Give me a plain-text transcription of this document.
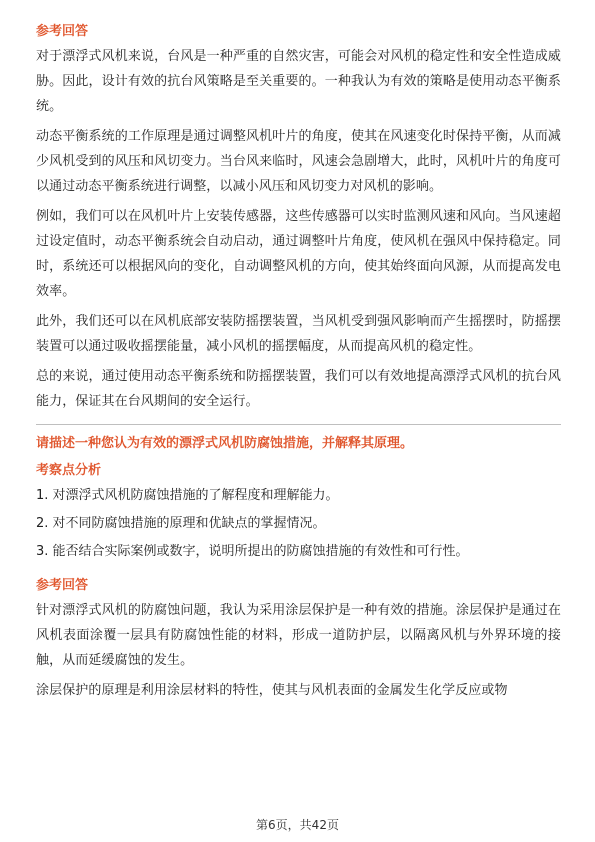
参考回答

对于漂浮式风机来说，台风是一种严重的自然灾害，可能会对风机的稳定性和安全性造成威胁。因此，设计有效的抗台风策略是至关重要的。一种我认为有效的策略是使用动态平衡系统。

动态平衡系统的工作原理是通过调整风机叶片的角度，使其在风速变化时保持平衡，从而减少风机受到的风压和风切变力。当台风来临时，风速会急剧增大，此时，风机叶片的角度可以通过动态平衡系统进行调整，以减小风压和风切变力对风机的影响。

例如，我们可以在风机叶片上安装传感器，这些传感器可以实时监测风速和风向。当风速超过设定值时，动态平衡系统会自动启动，通过调整叶片角度，使风机在强风中保持稳定。同时，系统还可以根据风向的变化，自动调整风机的方向，使其始终面向风源，从而提高发电效率。

此外，我们还可以在风机底部安装防摇摆装置，当风机受到强风影响而产生摇摆时，防摇摆装置可以通过吸收摇摆能量，减小风机的摇摆幅度，从而提高风机的稳定性。

总的来说，通过使用动态平衡系统和防摇摆装置，我们可以有效地提高漂浮式风机的抗台风能力，保证其在台风期间的安全运行。

请描述一种您认为有效的漂浮式风机防腐蚀措施，并解释其原理。

考察点分析

1. 对漂浮式风机防腐蚀措施的了解程度和理解能力。

2. 对不同防腐蚀措施的原理和优缺点的掌握情况。

3. 能否结合实际案例或数字，说明所提出的防腐蚀措施的有效性和可行性。

参考回答

针对漂浮式风机的防腐蚀问题，我认为采用涂层保护是一种有效的措施。涂层保护是通过在风机表面涂覆一层具有防腐蚀性能的材料，形成一道防护层，以隔离风机与外界环境的接触，从而延缓腐蚀的发生。

涂层保护的原理是利用涂层材料的特性，使其与风机表面的金属发生化学反应或物

第6页，共42页
